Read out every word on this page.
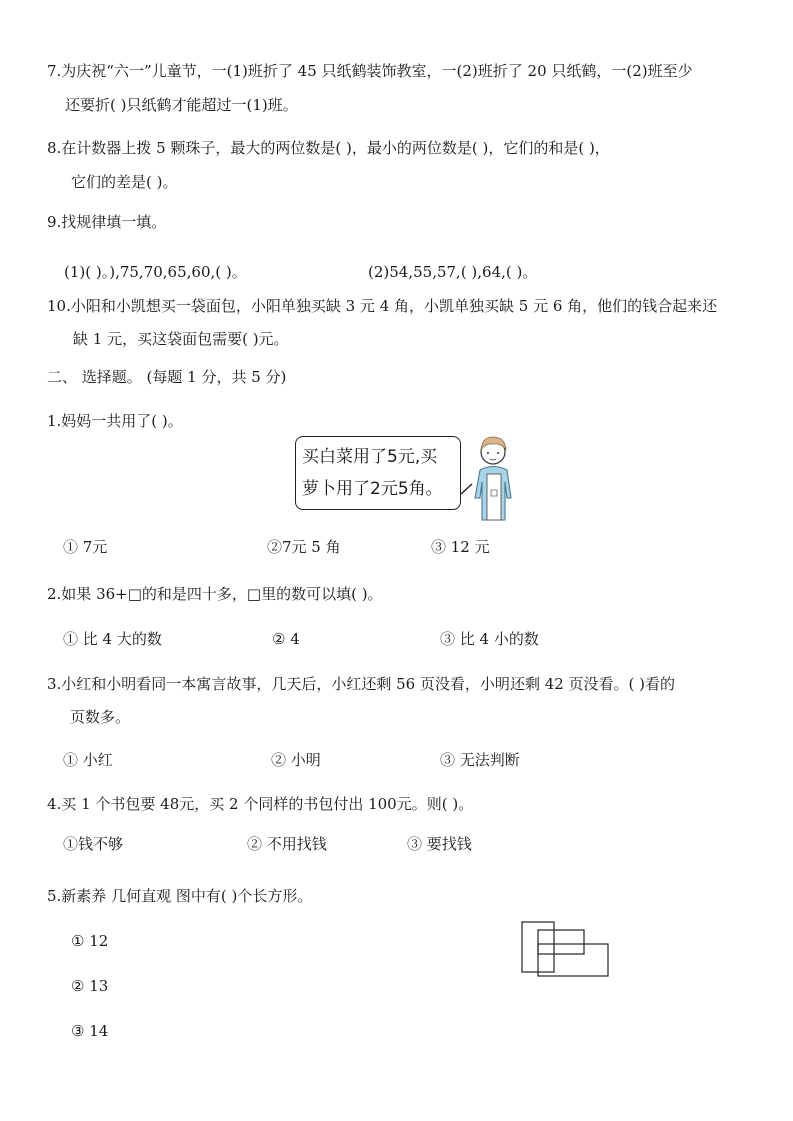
7.为庆祝“六一”儿童节，一(1)班折了 45 只纸鹤装饰教室，一(2)班折了 20 只纸鹤，一(2)班至少
还要折( )只纸鹤才能超过一(1)班。
8.在计数器上拨 5 颗珠子，最大的两位数是( )，最小的两位数是( )，它们的和是( )，
它们的差是( )。
9.找规律填一填。
(1)( )。),75,70,65,60,( )。	(2)54,55,57,( ),64,( )。
10.小阳和小凯想买一袋面包，小阳单独买缺 3 元 4 角，小凯单独买缺 5 元 6 角，他们的钱合起来还
缺 1 元，买这袋面包需要( )元。
二、 选择题。 (每题 1 分，共 5 分)
1.妈妈一共用了( )。
买白菜用了5元,买
萝卜用了2元5角。
① 7元	②7元 5 角	③ 12 元
2.如果 36+□的和是四十多，□里的数可以填( )。
① 比 4 大的数	② 4	③ 比 4 小的数
3.小红和小明看同一本寓言故事，几天后，小红还剩 56 页没看，小明还剩 42 页没看。( )看的
页数多。
① 小红	② 小明	③ 无法判断
4.买 1 个书包要 48元，买 2 个同样的书包付出 100元。则( )。
①钱不够	② 不用找钱	③ 要找钱
5.新素养 几何直观 图中有( )个长方形。
① 12
② 13
③ 14
